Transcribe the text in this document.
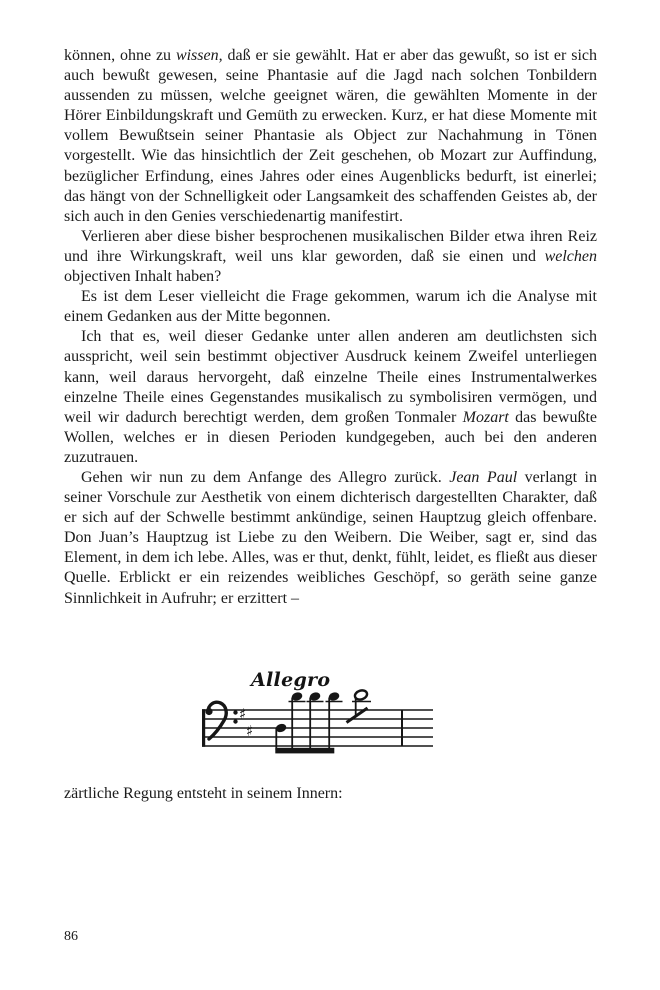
können, ohne zu wissen, daß er sie gewählt. Hat er aber das gewußt, so ist er sich auch bewußt gewesen, seine Phantasie auf die Jagd nach solchen Tonbildern aussenden zu müssen, welche geeignet wären, die gewählten Momente in der Hörer Einbildungskraft und Gemüth zu erwecken. Kurz, er hat diese Momente mit vollem Bewußtsein seiner Phantasie als Object zur Nachahmung in Tönen vorgestellt. Wie das hinsichtlich der Zeit geschehen, ob Mozart zur Auffindung, bezüglicher Erfindung, eines Jahres oder eines Augenblicks bedurft, ist einerlei; das hängt von der Schnelligkeit oder Langsamkeit des schaffenden Geistes ab, der sich auch in den Genies verschiedenartig manifestirt.

Verlieren aber diese bisher besprochenen musikalischen Bilder etwa ihren Reiz und ihre Wirkungskraft, weil uns klar geworden, daß sie einen und welchen objectiven Inhalt haben?

Es ist dem Leser vielleicht die Frage gekommen, warum ich die Analyse mit einem Gedanken aus der Mitte begonnen.

Ich that es, weil dieser Gedanke unter allen anderen am deutlichsten sich ausspricht, weil sein bestimmt objectiver Ausdruck keinem Zweifel unterliegen kann, weil daraus hervorgeht, daß einzelne Theile eines Instrumentalwerkes einzelne Theile eines Gegenstandes musikalisch zu symbolisiren vermögen, und weil wir dadurch berechtigt werden, dem großen Tonmaler Mozart das bewußte Wollen, welches er in diesen Perioden kundgegeben, auch bei den anderen zuzutrauen.

Gehen wir nun zu dem Anfange des Allegro zurück. Jean Paul verlangt in seiner Vorschule zur Aesthetik von einem dichterisch dargestellten Charakter, daß er sich auf der Schwelle bestimmt ankündige, seinen Hauptzug gleich offenbare. Don Juan’s Hauptzug ist Liebe zu den Weibern. Die Weiber, sagt er, sind das Element, in dem ich lebe. Alles, was er thut, denkt, fühlt, leidet, es fließt aus dieser Quelle. Erblickt er ein reizendes weibliches Geschöpf, so geräth seine ganze Sinnlichkeit in Aufruhr; er erzittert –

Allegro
♯
♯
zärtliche Regung entsteht in seinem Innern:
86
